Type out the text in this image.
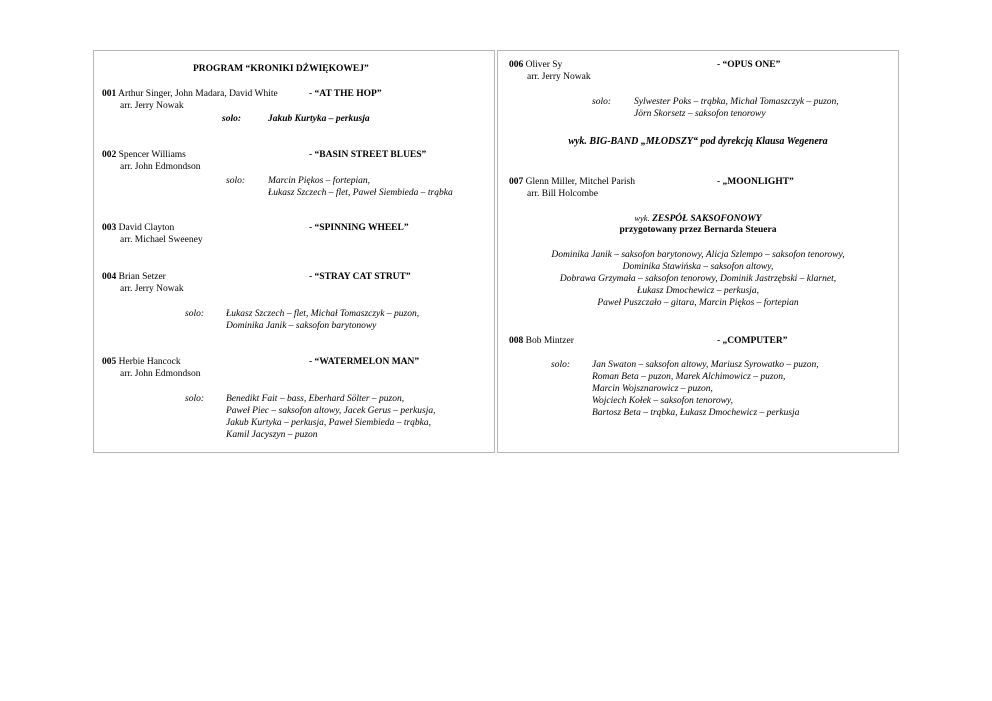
PROGRAM “KRONIKI DŹWIĘKOWEJ”
001 Arthur Singer, John Madara, David White
arr. Jerry Nowak
- “AT THE HOP”
solo:	Jakub Kurtyka – perkusja
002 Spencer Williams
arr. John Edmondson
- “BASIN STREET BLUES”
solo: Marcin Piękos – fortepian,
Łukasz Szczech – flet, Paweł Siembieda – trąbka
003 David Clayton
arr. Michael Sweeney
- “SPINNING WHEEL”
004 Brian Setzer
arr. Jerry Nowak
- “STRAY CAT STRUT”
solo: Łukasz Szczech – flet, Michał Tomaszczyk – puzon,
Dominika Janik – saksofon barytonowy
005 Herbie Hancock
arr. John Edmondson
- “WATERMELON MAN”
solo: Benedikt Fait – bass, Eberhard Sölter – puzon,
Paweł Piec – saksofon altowy, Jacek Gerus – perkusja,
Jakub Kurtyka – perkusja, Paweł Siembieda – trąbka,
Kamil Jacyszyn – puzon
006 Oliver Sy
arr. Jerry Nowak
- “OPUS ONE”
solo: Sylwester Poks – trąbka, Michał Tomaszczyk – puzon,
Jörn Skorsetz – saksofon tenorowy
wyk. BIG-BAND „MŁODSZY“ pod dyrekcją Klausa Wegenera
007 Glenn Miller, Mitchel Parish
arr. Bill Holcombe
- „MOONLIGHT”
wyk. ZESPÓŁ SAKSOFONOWY
przygotowany przez Bernarda Steuera
Dominika Janik – saksofon barytonowy, Alicja Szlempo – saksofon tenorowy,
Dominika Stawińska – saksofon altowy,
Dobrawa Grzymała – saksofon tenorowy, Dominik Jastrzębski – klarnet,
Łukasz Dmochewicz – perkusja,
Paweł Puszczało – gitara, Marcin Piękos – fortepian
008 Bob Mintzer	- „COMPUTER”
solo: Jan Swaton – saksofon altowy, Mariusz Syrowatko – puzon,
Roman Beta – puzon, Marek Alchimowicz – puzon,
Marcin Wojsznarowicz – puzon,
Wojciech Kołek – saksofon tenorowy,
Bartosz Beta – trąbka, Łukasz Dmochewicz – perkusja
